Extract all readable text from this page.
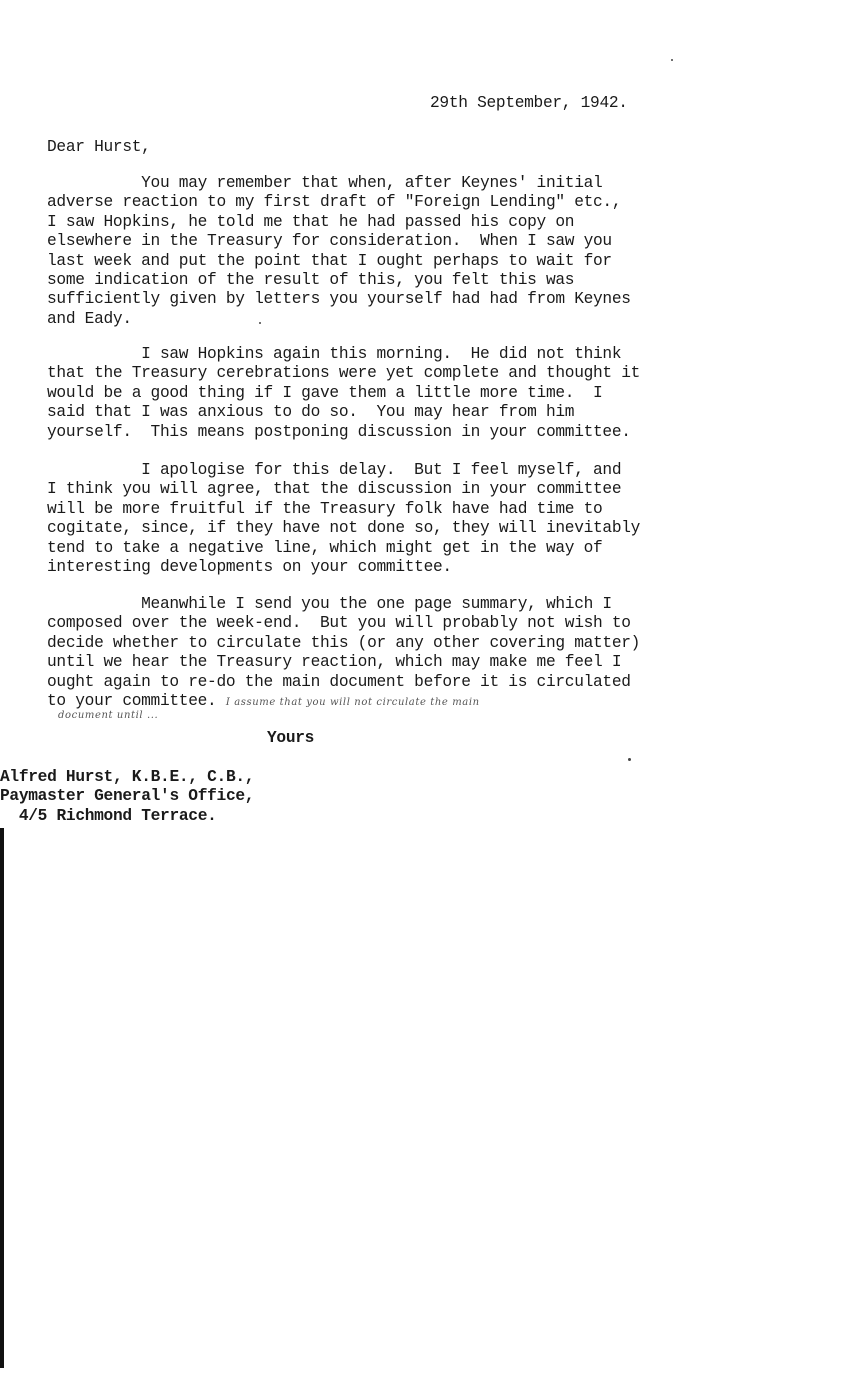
29th September, 1942.
Dear Hurst,
You may remember that when, after Keynes' initial
adverse reaction to my first draft of "Foreign Lending" etc.,
I saw Hopkins, he told me that he had passed his copy on
elsewhere in the Treasury for consideration.  When I saw you
last week and put the point that I ought perhaps to wait for
some indication of the result of this, you felt this was
sufficiently given by letters you yourself had had from Keynes
and Eady.
I saw Hopkins again this morning.  He did not think
that the Treasury cerebrations were yet complete and thought it
would be a good thing if I gave them a little more time.  I
said that I was anxious to do so.  You may hear from him
yourself.  This means postponing discussion in your committee.
I apologise for this delay.  But I feel myself, and
I think you will agree, that the discussion in your committee
will be more fruitful if the Treasury folk have had time to
cogitate, since, if they have not done so, they will inevitably
tend to take a negative line, which might get in the way of
interesting developments on your committee.
Meanwhile I send you the one page summary, which I
composed over the week-end.  But you will probably not wish to
decide whether to circulate this (or any other covering matter)
until we hear the Treasury reaction, which may make me feel I
ought again to re-do the main document before it is circulated
to your committee. I assume that you will not circulate the main
document until ...
Yours
Alfred Hurst, K.B.E., C.B.,
Paymaster General's Office,
4/5 Richmond Terrace.
